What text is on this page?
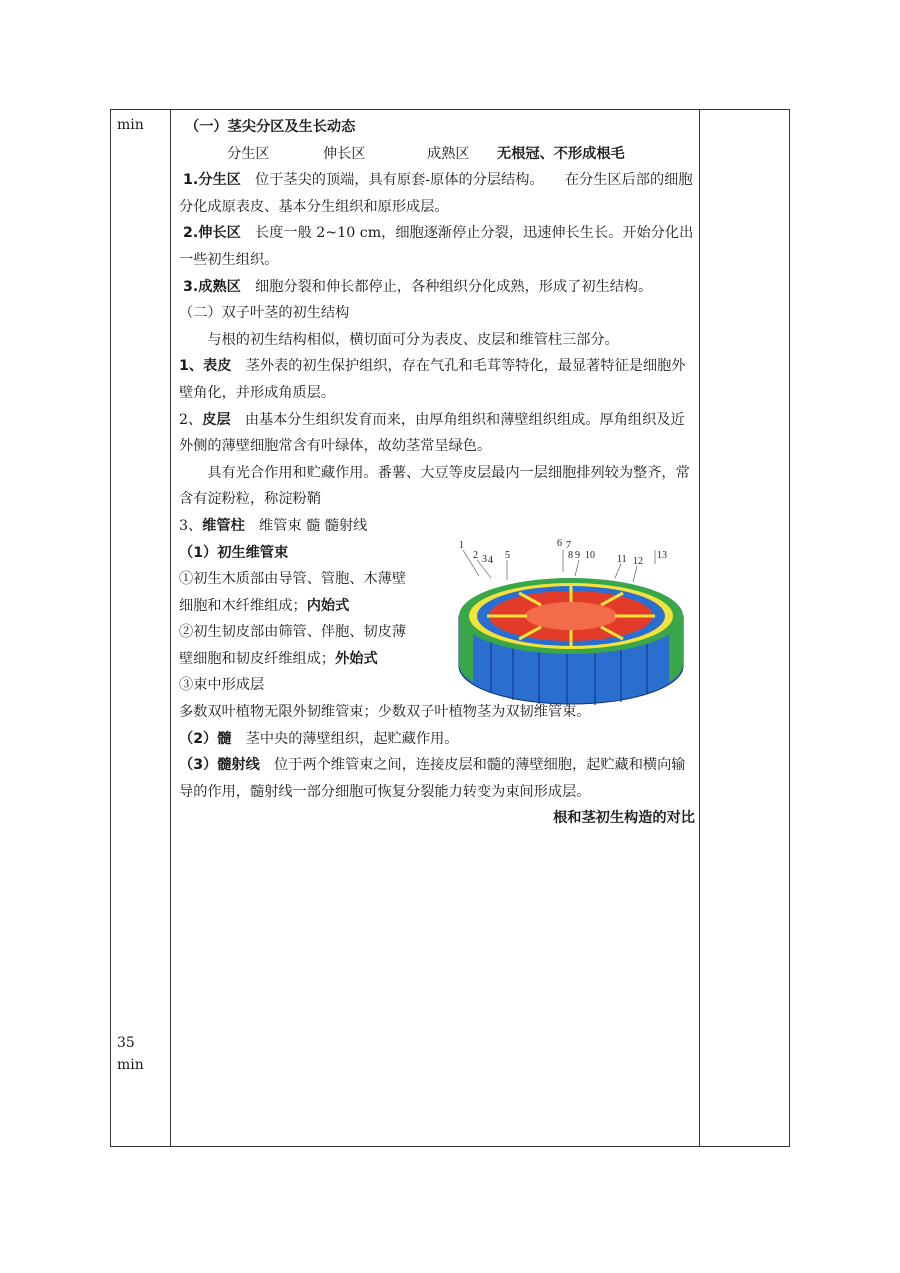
min
35
min

（一）茎尖分区及生长动态

分生区	伸长区	成熟区 无根冠、不形成根毛

1.分生区　 位于茎尖的顶端，具有原套-原体的分层结构。　　在分生区后部的细胞分化成原表皮、基本分生组织和原形成层。

2.伸长区　 长度一般 2~10 cm，细胞逐渐停止分裂，迅速伸长生长。开始分化出一些初生组织。

3.成熟区　 细胞分裂和伸长都停止，各种组织分化成熟，形成了初生结构。

（二）双子叶茎的初生结构

与根的初生结构相似，横切面可分为表皮、皮层和维管柱三部分。

1、表皮　 茎外表的初生保护组织，存在气孔和毛茸等特化，最显著特征是细胞外壁角化，并形成角质层。

2、皮层　 由基本分生组织发育而来，由厚角组织和薄壁组织组成。厚角组织及近外侧的薄壁细胞常含有叶绿体，故幼茎常呈绿色。

具有光合作用和贮藏作用。番薯、大豆等皮层最内一层细胞排列较为整齐，常含有淀粉粒，称淀粉鞘

3、维管柱　 维管束 髓 髓射线

（1）初生维管束

①初生木质部由导管、管胞、木薄壁细胞和木纤维组成；内始式

②初生韧皮部由筛管、伴胞、韧皮薄壁细胞和韧皮纤维组成；外始式

③束中形成层

多数双叶植物无限外韧维管束；少数双子叶植物茎为双韧维管束。

（2）髓　 茎中央的薄壁组织，起贮藏作用。

（3）髓射线　 位于两个维管束之间，连接皮层和髓的薄壁细胞，起贮藏和横向输导的作用，髓射线一部分细胞可恢复分裂能力转变为束间形成层。

根和茎初生构造的对比

1
2 3 4 5
6 7
8 9 10 11 12
13
